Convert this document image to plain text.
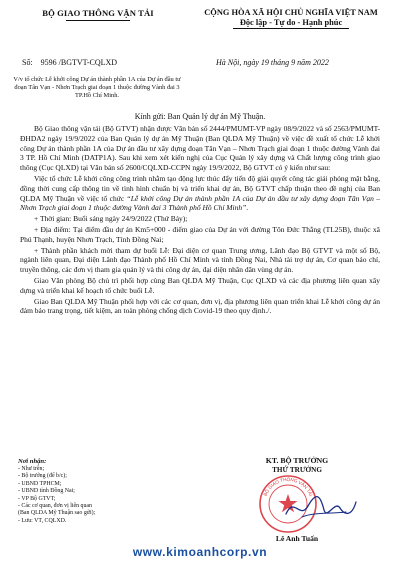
BỘ GIAO THÔNG VẬN TẢI	CỘNG HÒA XÃ HỘI CHỦ NGHĨA VIỆT NAM
Độc lập - Tự do - Hạnh phúc
Số: 9596 /BGTVT-CQLXD	Hà Nội, ngày 19 tháng 9 năm 2022
V/v tổ chức Lễ khởi công Dự án thành phần 1A của Dự án đầu tư đoạn Tân Vạn - Nhơn Trạch giai đoạn 1 thuộc đường Vành đai 3 TP.Hồ Chí Minh.
Kính gửi: Ban Quản lý dự án Mỹ Thuận.

Bộ Giao thông vận tải (Bộ GTVT) nhận được Văn bản số 2444/PMUMT-VP ngày 08/9/2022 và số 2563/PMUMT-ĐHDA2 ngày 19/9/2022 của Ban Quản lý dự án Mỹ Thuận (Ban QLDA Mỹ Thuận) về việc đề xuất tổ chức Lễ khởi công Dự án thành phần 1A của Dự án đầu tư xây dựng đoạn Tân Vạn – Nhơn Trạch giai đoạn 1 thuộc đường Vành đai 3 TP. Hồ Chí Minh (DATP1A). Sau khi xem xét kiến nghị của Cục Quản lý xây dựng và Chất lượng công trình giao thông (Cục QLXD) tại Văn bản số 2600/CQLXD-CCPN ngày 19/9/2022, Bộ GTVT có ý kiến như sau:

Việc tổ chức Lễ khởi công công trình nhằm tạo động lực thúc đẩy tiến độ giải quyết công tác giải phóng mặt bằng, đồng thời cung cấp thông tin về tình hình chuẩn bị và triển khai dự án, Bộ GTVT chấp thuận theo đề nghị của Ban QLDA Mỹ Thuận về việc tổ chức “Lễ khởi công Dự án thành phần 1A của Dự án đầu tư xây dựng đoạn Tân Vạn – Nhơn Trạch giai đoạn 1 thuộc đường Vành đai 3 Thành phố Hồ Chí Minh”.

+ Thời gian: Buổi sáng ngày 24/9/2022 (Thứ Bảy);

+ Địa điểm: Tại điểm đầu dự án Km5+000 - điểm giao của Dự án với đường Tôn Đức Thắng (TL25B), thuộc xã Phú Thạnh, huyện Nhơn Trạch, Tỉnh Đồng Nai;

+ Thành phần khách mời tham dự buổi Lễ: Đại diện cơ quan Trung ương, Lãnh đạo Bộ GTVT và một số Bộ, ngành liên quan, Đại diện Lãnh đạo Thành phố Hồ Chí Minh và tỉnh Đồng Nai, Nhà tài trợ dự án, Cơ quan báo chí, truyền thông, các đơn vị tham gia quản lý và thi công dự án, đại diện nhân dân vùng dự án.

Giao Văn phòng Bộ chủ trì phối hợp cùng Ban QLDA Mỹ Thuận, Cục QLXD và các địa phương liên quan xây dựng và triển khai kế hoạch tổ chức buổi Lễ.

Giao Ban QLDA Mỹ Thuận phối hợp với các cơ quan, đơn vị, địa phương liên quan triển khai Lễ khởi công dự án đảm bảo trang trọng, tiết kiệm, an toàn phòng chống dịch Covid-19 theo quy định./.

Nơi nhận:
- Như trên;
- Bộ trưởng (để b/c);
- UBND TPHCM;
- UBND tỉnh Đồng Nai;
- VP Bộ GTVT;
- Các cơ quan, đơn vị liên quan
(Ban QLDA Mỹ Thuận sao gửi);
- Lưu: VT, CQLXD.
KT. BỘ TRƯỞNG
THỨ TRƯỞNG
BỘ GIAO THÔNG VẬN TẢI
Lê Anh Tuấn
www.kimoanhcorp.vn
